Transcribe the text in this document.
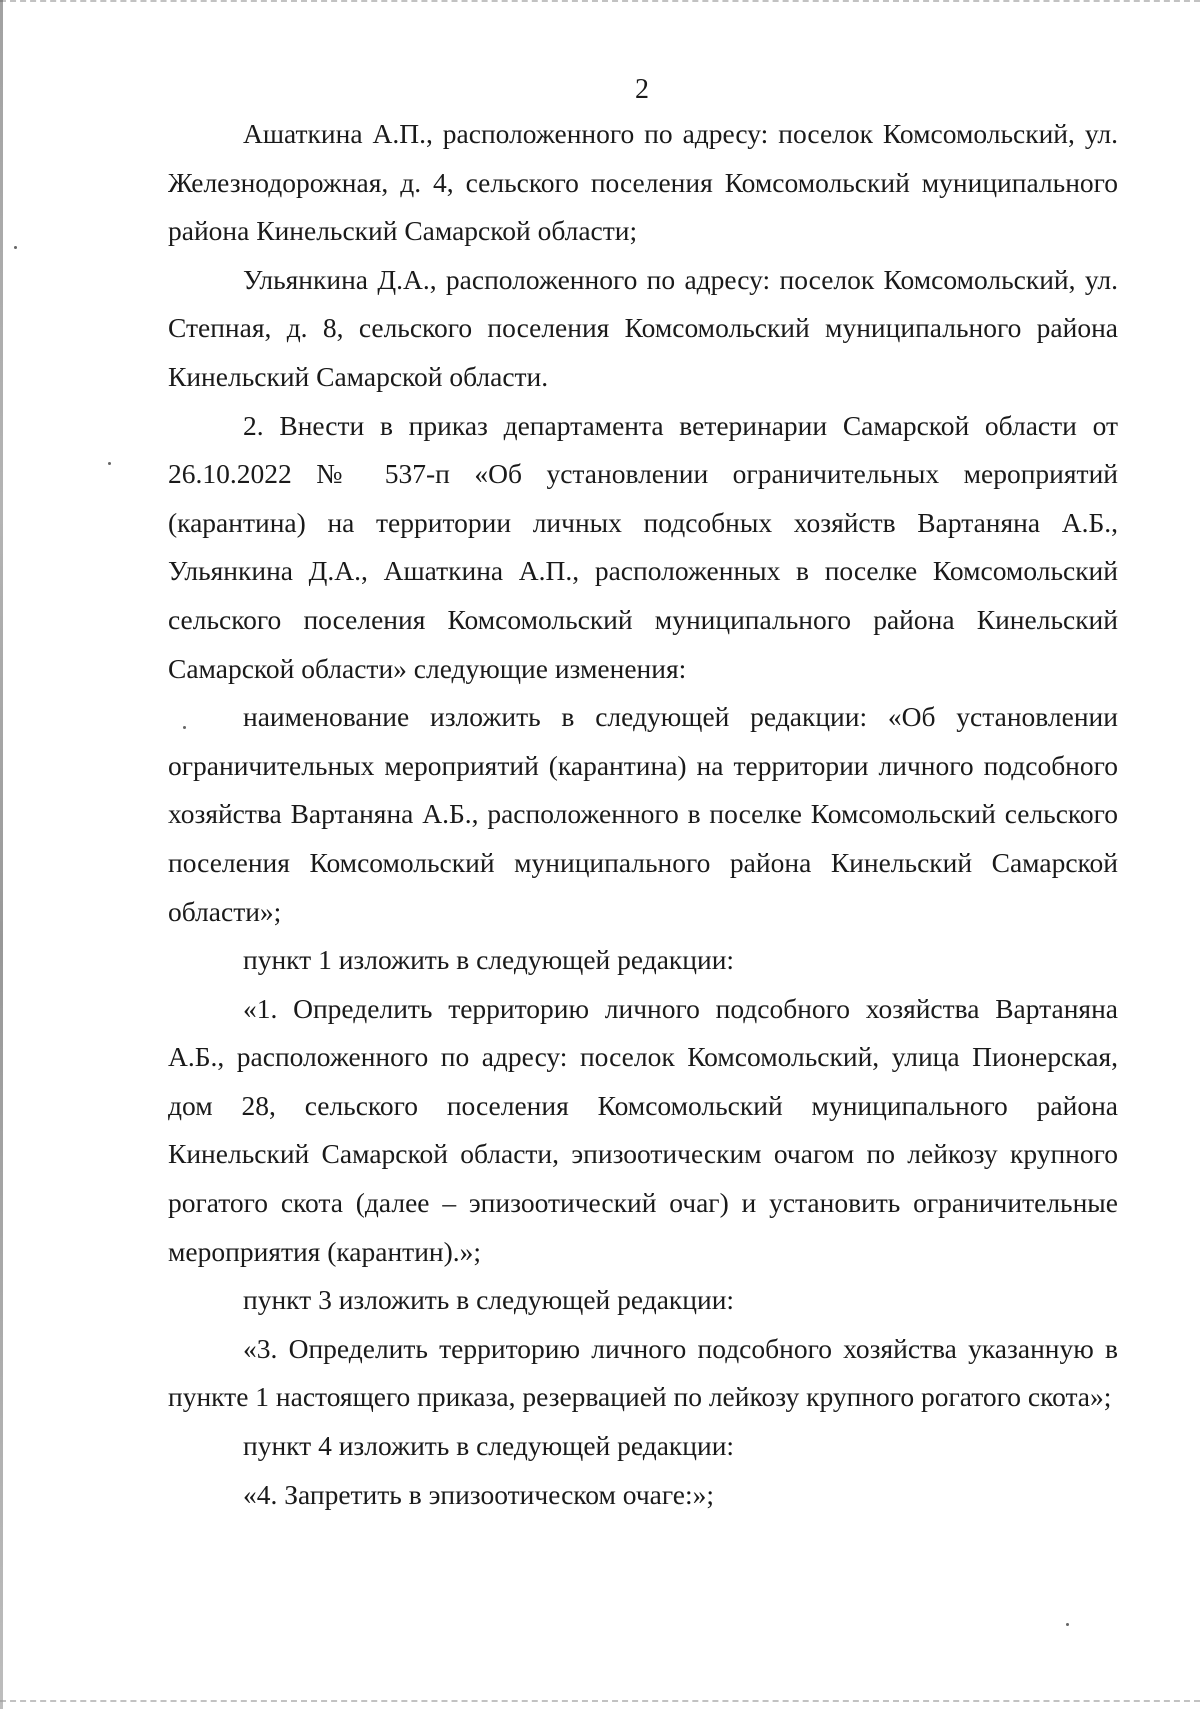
2

Ашаткина А.П., расположенного по адресу: поселок Комсомольский, ул. Железнодорожная, д. 4, сельского поселения Комсомольский муниципального района Кинельский Самарской области;

Ульянкина Д.А., расположенного по адресу: поселок Комсомольский, ул. Степная, д. 8, сельского поселения Комсомольский муниципального района Кинельский Самарской области.

2. Внести в приказ департамента ветеринарии Самарской области от 26.10.2022 № 537-п «Об установлении ограничительных мероприятий (карантина) на территории личных подсобных хозяйств Вартаняна А.Б., Ульянкина Д.А., Ашаткина А.П., расположенных в поселке Комсомольский сельского поселения Комсомольский муниципального района Кинельский Самарской области» следующие изменения:

наименование изложить в следующей редакции: «Об установлении ограничительных мероприятий (карантина) на территории личного подсобного хозяйства Вартаняна А.Б., расположенного в поселке Комсомольский сельского поселения Комсомольский муниципального района Кинельский Самарской области»;

пункт 1 изложить в следующей редакции:

«1. Определить территорию личного подсобного хозяйства Вартаняна А.Б., расположенного по адресу: поселок Комсомольский, улица Пионерская, дом 28, сельского поселения Комсомольский муниципального района Кинельский Самарской области, эпизоотическим очагом по лейкозу крупного рогатого скота (далее – эпизоотический очаг) и установить ограничительные мероприятия (карантин).»;

пункт 3 изложить в следующей редакции:

«3. Определить территорию личного подсобного хозяйства указанную в пункте 1 настоящего приказа, резервацией по лейкозу крупного рогатого скота»;

пункт 4 изложить в следующей редакции:

«4. Запретить в эпизоотическом очаге:»;
